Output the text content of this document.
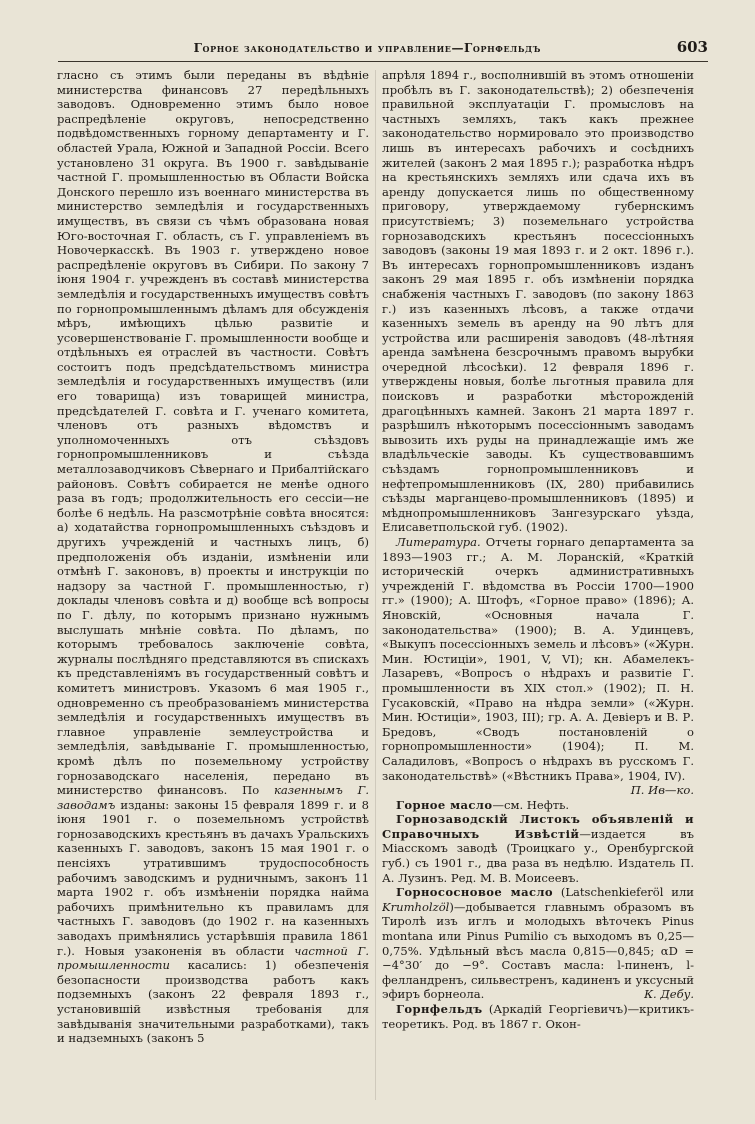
Горное законодательство и управление—Горнфельдъ	603

гласно съ этимъ были переданы въ вѣдѣніе министерства финансовъ 27 передѣльныхъ заводовъ. Одновременно этимъ было новое распредѣленіе округовъ, непосредственно подвѣдомственныхъ горному департаменту и Г. областей Урала, Южной и Западной Россіи. Всего установлено 31 округа. Въ 1900 г. завѣдываніе частной Г. промышленностью въ Области Войска Донского перешло изъ военнаго министерства въ министерство земледѣлія и государственныхъ имуществъ, въ связи съ чѣмъ образована новая Юго-восточная Г. область, съ Г. управленіемъ въ Новочеркасскѣ. Въ 1903 г. утверждено новое распредѣленіе округовъ въ Сибири. По закону 7 іюня 1904 г. учрежденъ въ составѣ министерства земледѣлія и государственныхъ имуществъ совѣтъ по горнопромышленнымъ дѣламъ для обсужденія мѣръ, имѣющихъ цѣлью развитіе и усовершенствованіе Г. промышленности вообще и отдѣльныхъ ея отраслей въ частности. Совѣтъ состоитъ подъ предсѣдательствомъ министра земледѣлія и государственныхъ имуществъ (или его товарища) изъ товарищей министра, предсѣдателей Г. совѣта и Г. ученаго комитета, членовъ отъ разныхъ вѣдомствъ и уполномоченныхъ отъ съѣздовъ горнопромышленниковъ и съѣзда металлозаводчиковъ Сѣвернаго и Прибалтійскаго районовъ. Совѣтъ собирается не менѣе одного раза въ годъ; продолжительность его сессіи—не болѣе 6 недѣль. На разсмотрѣніе совѣта вносятся: а) ходатайства горнопромышленныхъ съѣздовъ и другихъ учрежденій и частныхъ лицъ, б) предположенія объ изданіи, измѣненіи или отмѣнѣ Г. законовъ, в) проекты и инструкціи по надзору за частной Г. промышленностью, г) доклады членовъ совѣта и д) вообще всѣ вопросы по Г. дѣлу, по которымъ признано нужнымъ выслушать мнѣніе совѣта. По дѣламъ, по которымъ требовалось заключеніе совѣта, журналы послѣдняго представляются въ спискахъ къ представленіямъ въ государственный совѣтъ и комитетъ министровъ. Указомъ 6 мая 1905 г., одновременно съ преобразованіемъ министерства земледѣлія и государственныхъ имуществъ въ главное управленіе землеустройства и земледѣлія, завѣдываніе Г. промышленностью, кромѣ дѣлъ по поземельному устройству горнозаводскаго населенія, передано въ министерство финансовъ. По казеннымъ Г. заводамъ изданы: законы 15 февраля 1899 г. и 8 іюня 1901 г. о поземельномъ устройствѣ горнозаводскихъ крестьянъ въ дачахъ Уральскихъ казенныхъ Г. заводовъ, законъ 15 мая 1901 г. о пенсіяхъ утратившимъ трудоспособность рабочимъ заводскимъ и рудничнымъ, законъ 11 марта 1902 г. объ измѣненіи порядка найма рабочихъ примѣнительно къ правиламъ для частныхъ Г. заводовъ (до 1902 г. на казенныхъ заводахъ примѣнялись устарѣвшія правила 1861 г.). Новыя узаконенія въ области частной Г. промышленности касались: 1) обезпеченія безопасности производства работъ какъ подземныхъ (законъ 22 февраля 1893 г., установившій извѣстныя требованія для завѣдыванія значительными разработками), такъ и надземныхъ (законъ 5

апрѣля 1894 г., восполнившій въ этомъ отношеніи пробѣлъ въ Г. законодательствѣ); 2) обезпеченія правильной эксплуатаціи Г. промысловъ на частныхъ земляхъ, такъ какъ прежнее законодательство нормировало это производство лишь въ интересахъ рабочихъ и сосѣднихъ жителей (законъ 2 мая 1895 г.); разработка нѣдръ на крестьянскихъ земляхъ или сдача ихъ въ аренду допускается лишь по общественному приговору, утверждаемому губернскимъ присутствіемъ; 3) поземельнаго устройства горнозаводскихъ крестьянъ посессіонныхъ заводовъ (законы 19 мая 1893 г. и 2 окт. 1896 г.). Въ интересахъ горнопромышленниковъ изданъ законъ 29 мая 1895 г. объ измѣненіи порядка снабженія частныхъ Г. заводовъ (по закону 1863 г.) изъ казенныхъ лѣсовъ, а также отдачи казенныхъ земель въ аренду на 90 лѣтъ для устройства или расширенія заводовъ (48-лѣтняя аренда замѣнена безсрочнымъ правомъ вырубки очередной лѣсосѣки). 12 февраля 1896 г. утверждены новыя, болѣе льготныя правила для поисковъ и разработки мѣсторожденій драгоцѣнныхъ камней. Законъ 21 марта 1897 г. разрѣшилъ нѣкоторымъ посессіоннымъ заводамъ вывозить ихъ руды на принадлежащіе имъ же владѣльческіе заводы. Къ существовавшимъ съѣздамъ горнопромышленниковъ и нефтепромышленниковъ (IX, 280) прибавились съѣзды марганцево-промышленниковъ (1895) и мѣднопромышленниковъ Зангезурскаго уѣзда, Елисаветпольской губ. (1902).

Литература. Отчеты горнаго департамента за 1893—1903 гг.; А. М. Лоранскій, «Краткій историческій очеркъ административныхъ учрежденій Г. вѣдомства въ Россіи 1700—1900 гг.» (1900); А. Штофъ, «Горное право» (1896); А. Яновскій, «Основныя начала Г. законодательства» (1900); В. А. Удинцевъ, «Выкупъ посессіонныхъ земель и лѣсовъ» («Журн. Мин. Юстиціи», 1901, V, VI); кн. Абамелекъ-Лазаревъ, «Вопросъ о нѣдрахъ и развитіе Г. промышленности въ XIX стол.» (1902); П. Н. Гусаковскій, «Право на нѣдра земли» («Журн. Мин. Юстиціи», 1903, III); гр. А. А. Девіеръ и В. Р. Бредовъ, «Сводъ постановленій о горнопромышленности» (1904); П. М. Саладиловъ, «Вопросъ о нѣдрахъ въ русскомъ Г. законодательствѣ» («Вѣстникъ Права», 1904, IV).
П. Ив—ко.

Горное масло—см. Нефть.

Горнозаводскій Листокъ объявленій и Справочныхъ Извѣстій—издается въ Міасскомъ заводѣ (Троицкаго у., Оренбургской губ.) съ 1901 г., два раза въ недѣлю. Издатель П. А. Лузинъ. Ред. М. В. Моисеевъ.

Горнососновое масло (Latschenkieferöl или Krumholzöl)—добывается главнымъ образомъ въ Тиролѣ изъ иглъ и молодыхъ вѣточекъ Pinus montana или Pinus Pumilio съ выходомъ въ 0,25—0,75%. Удѣльный вѣсъ масла 0,815—0,845; αD = −4°30′ до −9°. Составъ масла: l-пиненъ, l-фелландренъ, сильвестренъ, кадиненъ и уксусный эфиръ борнеола.	К. Дебу.

Горнфельдъ (Аркадій Георгіевичъ)—критикъ-теоретикъ. Род. въ 1867 г. Окон-
